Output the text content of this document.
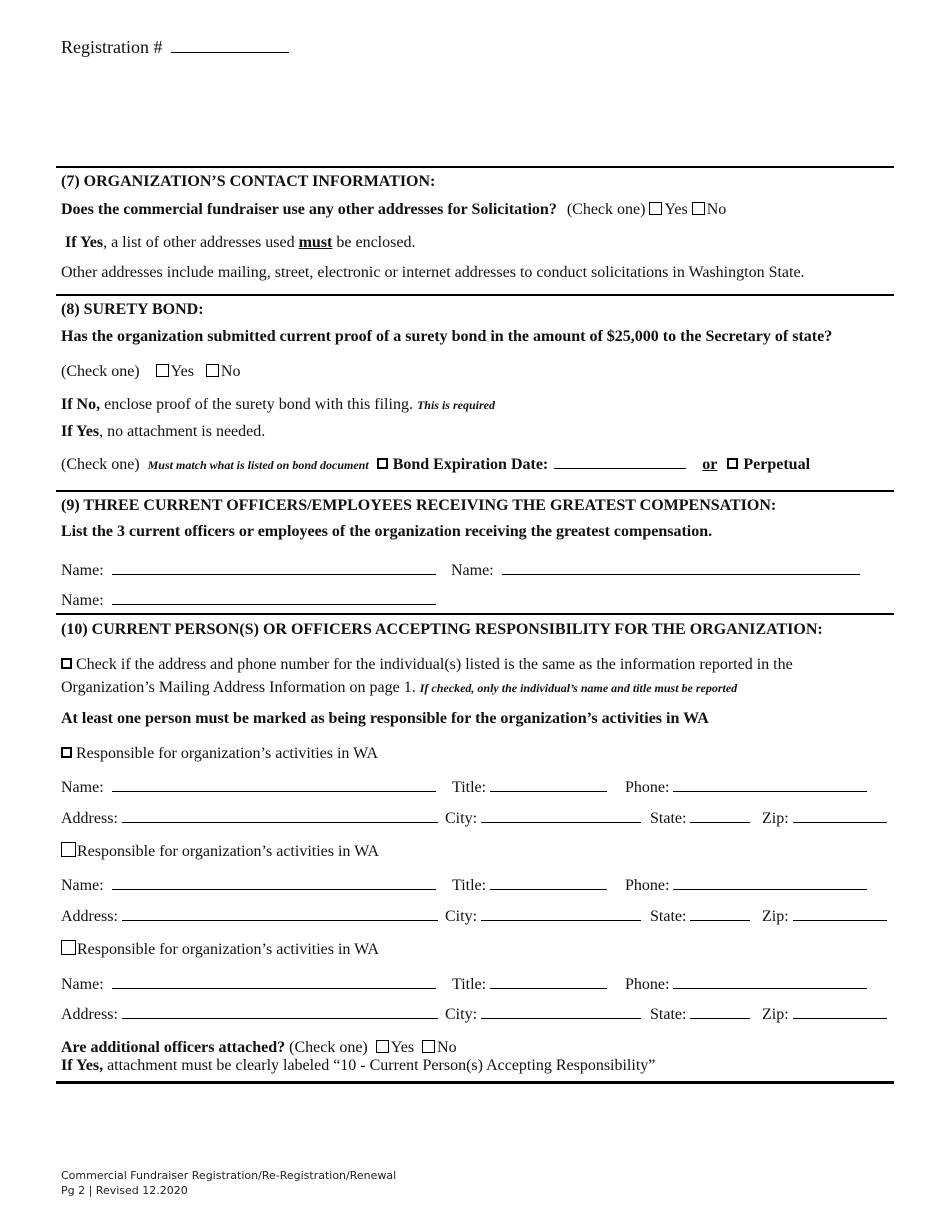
Registration #
(7) ORGANIZATION’S CONTACT INFORMATION:
Does the commercial fundraiser use any other addresses for Solicitation? (Check one) Yes No
If Yes, a list of other addresses used must be enclosed.
Other addresses include mailing, street, electronic or internet addresses to conduct solicitations in Washington State.
(8) SURETY BOND:
Has the organization submitted current proof of a surety bond in the amount of $25,000 to the Secretary of state?
(Check one) Yes No
If No, enclose proof of the surety bond with this filing. This is required
If Yes, no attachment is needed.
(Check one) Must match what is listed on bond document Bond Expiration Date:	or Perpetual
(9) THREE CURRENT OFFICERS/EMPLOYEES RECEIVING THE GREATEST COMPENSATION:
List the 3 current officers or employees of the organization receiving the greatest compensation.
Name:	Name:
Name:
(10) CURRENT PERSON(S) OR OFFICERS ACCEPTING RESPONSIBILITY FOR THE ORGANIZATION:
Check if the address and phone number for the individual(s) listed is the same as the information reported in the
Organization’s Mailing Address Information on page 1. If checked, only the individual’s name and title must be reported
At least one person must be marked as being responsible for the organization’s activities in WA
Responsible for organization’s activities in WA
Name:	Title:	Phone:
Address:	City:	State:	Zip:
Responsible for organization’s activities in WA
Name:	Title:	Phone:
Address:	City:	State:	Zip:
Responsible for organization’s activities in WA
Name:	Title:	Phone:
Address:	City:	State:	Zip:
Are additional officers attached? (Check one) Yes No
If Yes, attachment must be clearly labeled “10 - Current Person(s) Accepting Responsibility”
Commercial Fundraiser Registration/Re-Registration/Renewal
Pg 2 | Revised 12.2020
